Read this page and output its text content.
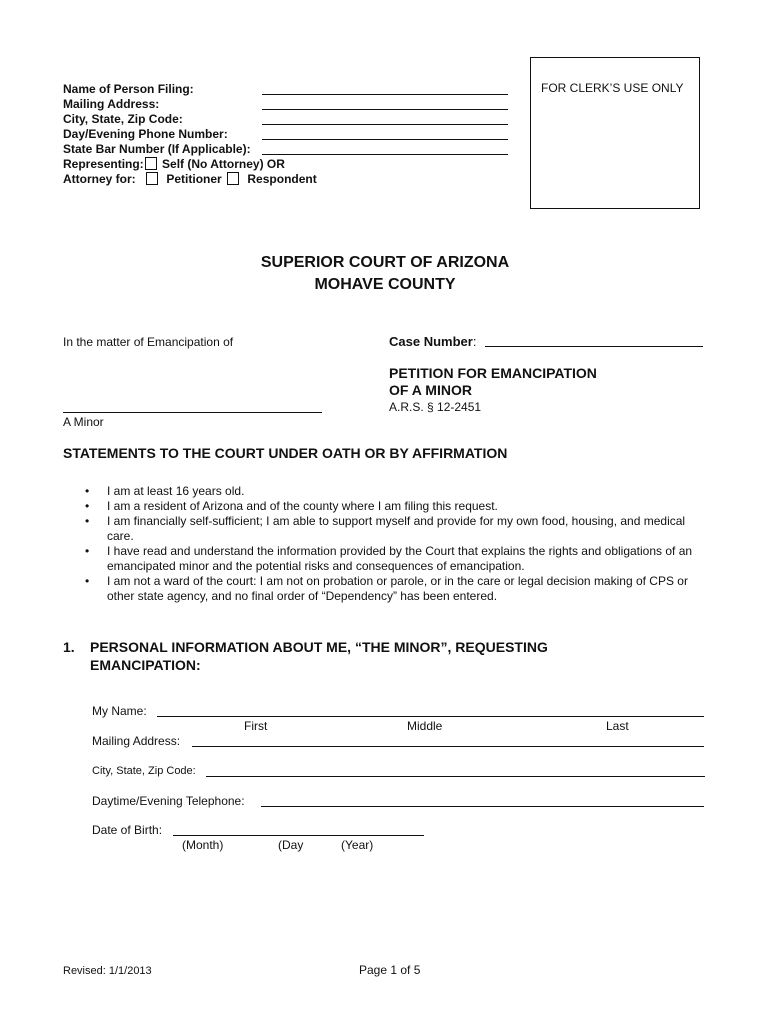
Name of Person Filing:
Mailing Address:
City, State, Zip Code:
Day/Evening Phone Number:
State Bar Number (If Applicable):
Representing: Self (No Attorney) OR
Attorney for:	Petitioner Respondent
FOR CLERK’S USE ONLY
SUPERIOR COURT OF ARIZONA
MOHAVE COUNTY
In the matter of Emancipation of
A Minor
Case Number:
PETITION FOR EMANCIPATION
OF A MINOR
A.R.S. § 12-2451
STATEMENTS TO THE COURT UNDER OATH OR BY AFFIRMATION
• I am at least 16 years old.
• I am a resident of Arizona and of the county where I am filing this request.
• I am financially self-sufficient; I am able to support myself and provide for my own food, housing, and medical care.
• I have read and understand the information provided by the Court that explains the rights and obligations of an emancipated minor and the potential risks and consequences of emancipation.
• I am not a ward of the court: I am not on probation or parole, or in the care or legal decision making of CPS or other state agency, and no final order of “Dependency” has been entered.
1. PERSONAL INFORMATION ABOUT ME, “THE MINOR”, REQUESTING
EMANCIPATION:
My Name:
First	Middle	Last
Mailing Address:
City, State, Zip Code:
Daytime/Evening Telephone:
Date of Birth:
(Month)	(Day	(Year)
Revised: 1/1/2013	Page 1 of 5
